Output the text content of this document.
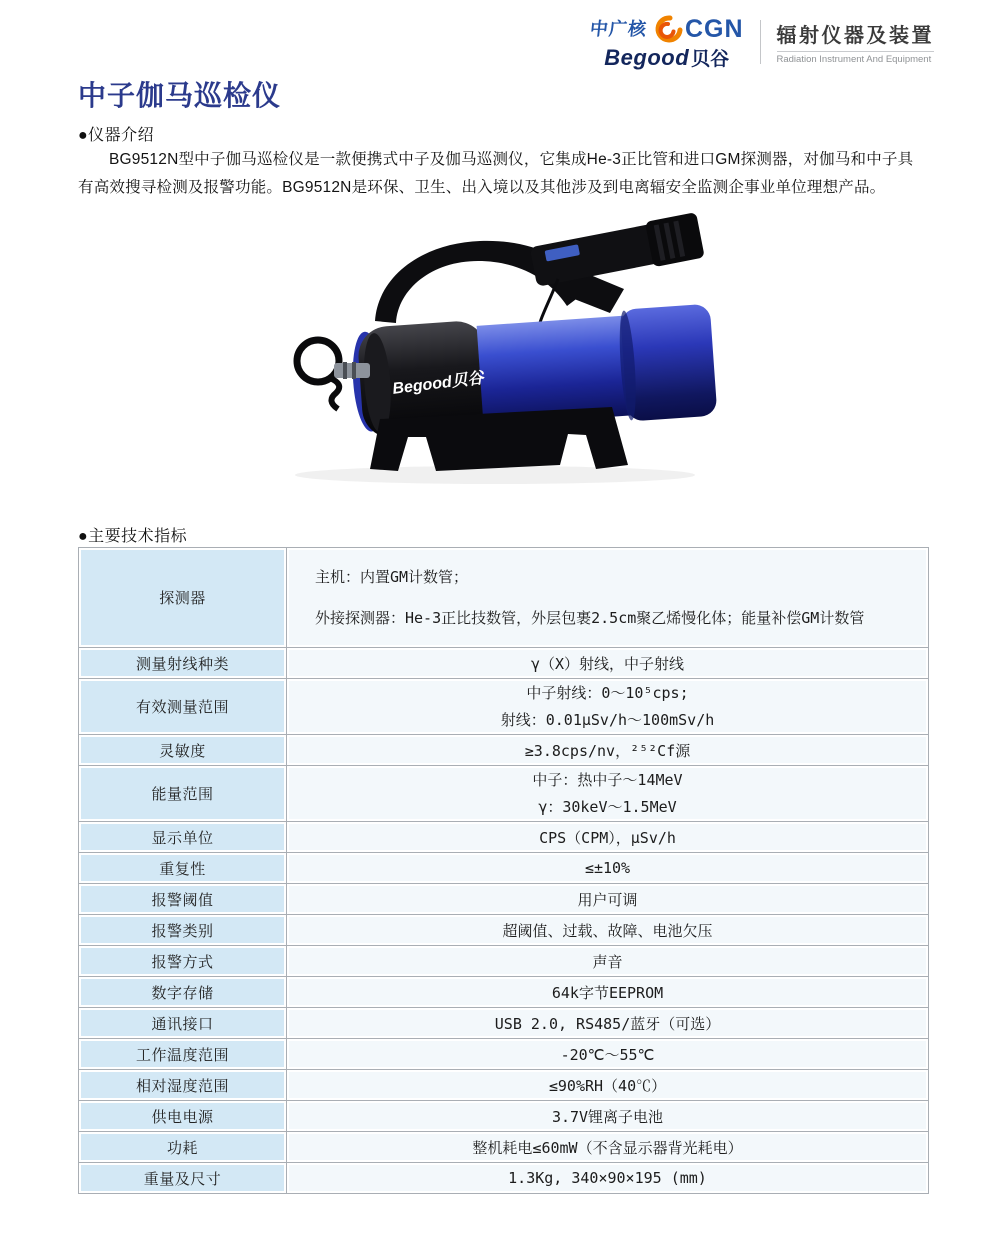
中广核 CGN
Begood 贝谷
辐射仪器及装置
Radiation Instrument And Equipment
中子伽马巡检仪
●仪器介绍

BG9512N型中子伽马巡检仪是一款便携式中子及伽马巡测仪，它集成He-3正比管和进口GM探测器，对伽马和中子具有高效搜寻检测及报警功能。BG9512N是环保、卫生、出入境以及其他涉及到电离辐安全监测企事业单位理想产品。

Begood贝谷
●主要技术指标
探测器	主机：内置GM计数管；
外接探测器：He-3正比技数管，外层包裹2.5cm聚乙烯慢化体；能量补偿GM计数管

测量射线种类	γ（X）射线，中子射线
有效测量范围	中子射线：0～10⁵cps;
射线：0.01μSv/h～100mSv/h

灵敏度	≥3.8cps/nv，²⁵²Cf源
能量范围	中子：热中子～14MeV
γ：30keV～1.5MeV

显示单位	CPS（CPM），μSv/h
重复性	≤±10%
报警阈值	用户可调
报警类别	超阈值、过载、故障、电池欠压
报警方式	声音
数字存储	64k字节EEPROM
通讯接口	USB 2.0, RS485/蓝牙（可选）
工作温度范围	-20℃～55℃
相对湿度范围	≤90%RH（40℃）
供电电源	3.7V锂离子电池
功耗	整机耗电≤60mW（不含显示器背光耗电）
重量及尺寸	1.3Kg, 340×90×195 (mm)
